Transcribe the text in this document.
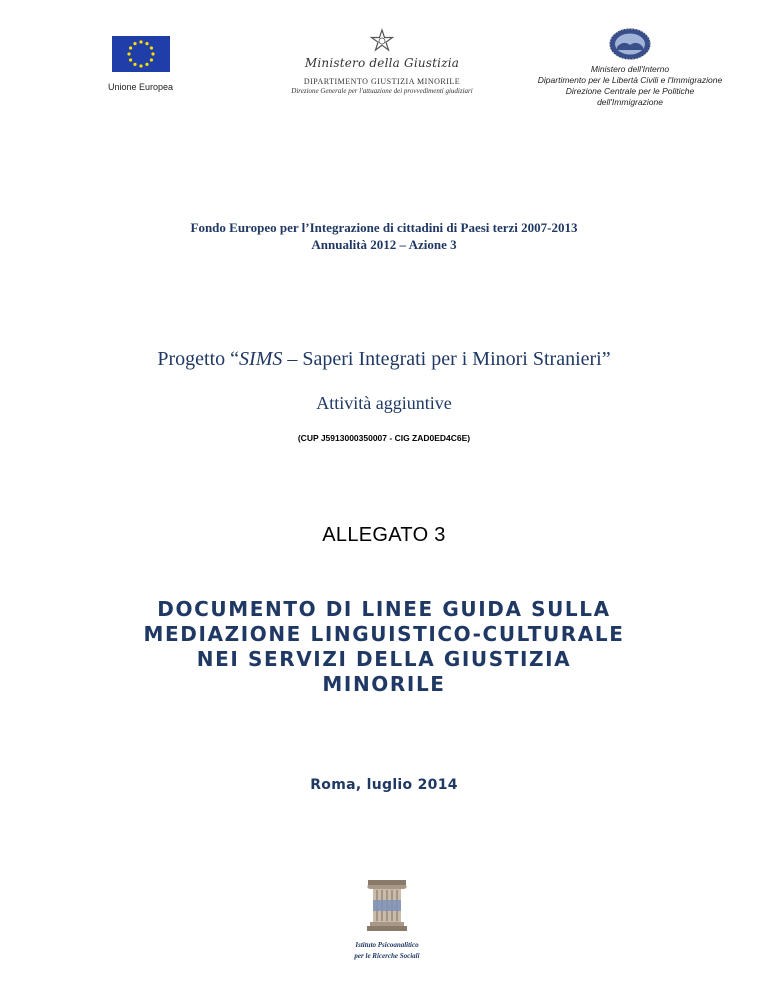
Unione Europea
Ministero della Giustizia
DIPARTIMENTO GIUSTIZIA MINORILE
Direzione Generale per l'attuazione dei provvedimenti giudiziari
Ministero dell'Interno
Dipartimento per le Libertà Civili e l'Immigrazione
Direzione Centrale per le Politiche
dell'Immigrazione
Fondo Europeo per l’Integrazione di cittadini di Paesi terzi 2007-2013
Annualità 2012 – Azione 3
Progetto “SIMS – Saperi Integrati per i Minori Stranieri”
Attività aggiuntive
(CUP J5913000350007 - CIG ZAD0ED4C6E)
ALLEGATO 3
DOCUMENTO DI LINEE GUIDA SULLA
MEDIAZIONE LINGUISTICO-CULTURALE
NEI SERVIZI DELLA GIUSTIZIA
MINORILE
Roma, luglio 2014
Istituto Psicoanalitico
per le Ricerche Sociali
